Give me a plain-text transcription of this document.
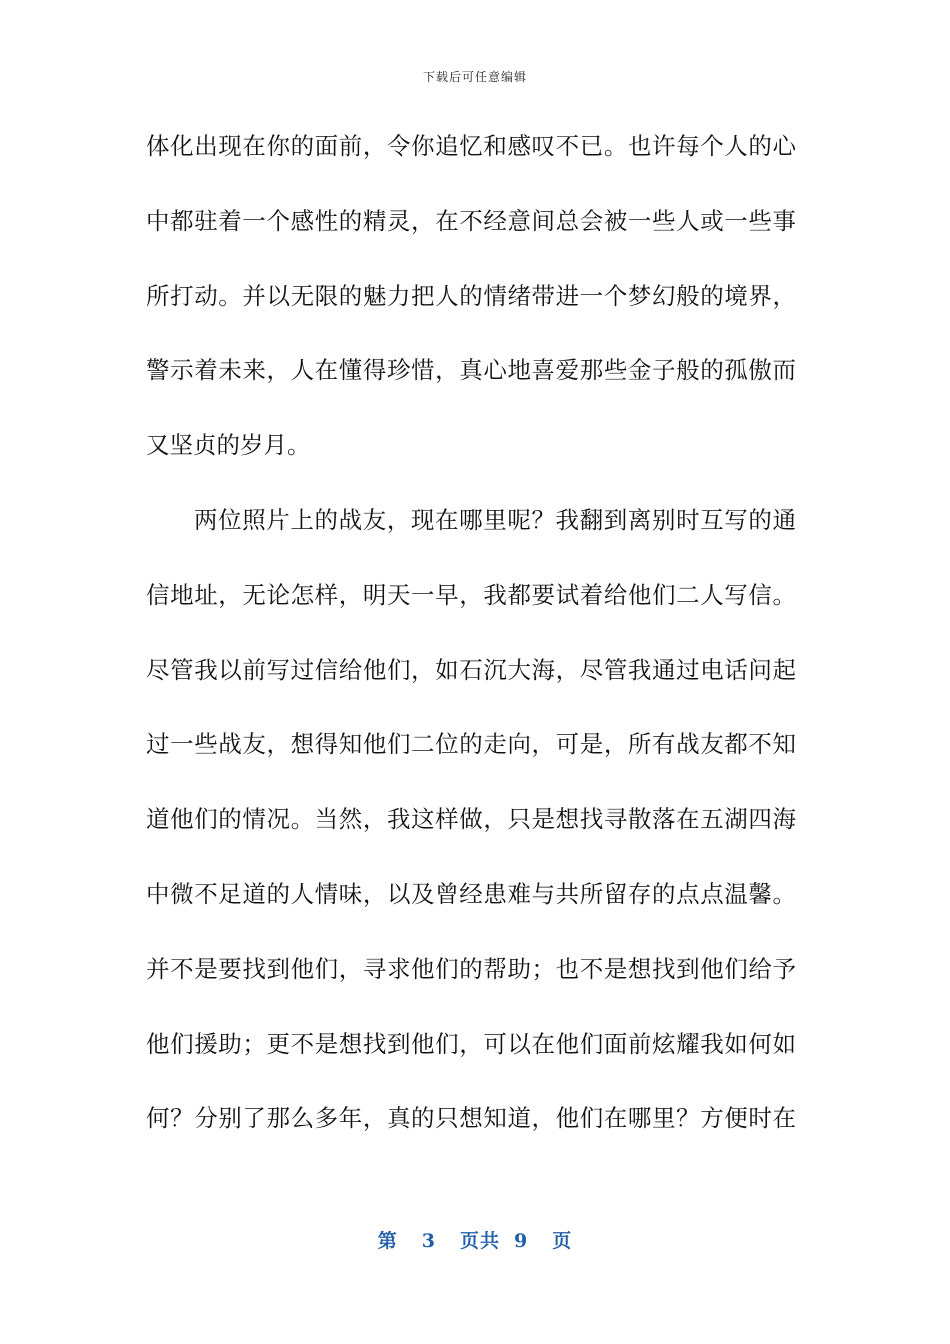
下载后可任意编辑
体化出现在你的面前，令你追忆和感叹不已。也许每个人的心
中都驻着一个感性的精灵，在不经意间总会被一些人或一些事
所打动。并以无限的魅力把人的情绪带进一个梦幻般的境界，
警示着未来，人在懂得珍惜，真心地喜爱那些金子般的孤傲而
又坚贞的岁月。
两位照片上的战友，现在哪里呢？我翻到离别时互写的通
信地址，无论怎样，明天一早，我都要试着给他们二人写信。
尽管我以前写过信给他们，如石沉大海，尽管我通过电话问起
过一些战友，想得知他们二位的走向，可是，所有战友都不知
道他们的情况。当然，我这样做，只是想找寻散落在五湖四海
中微不足道的人情味，以及曾经患难与共所留存的点点温馨。
并不是要找到他们，寻求他们的帮助；也不是想找到他们给予
他们援助；更不是想找到他们，可以在他们面前炫耀我如何如
何？分别了那么多年，真的只想知道，他们在哪里？方便时在
第 3 页共 9 页
